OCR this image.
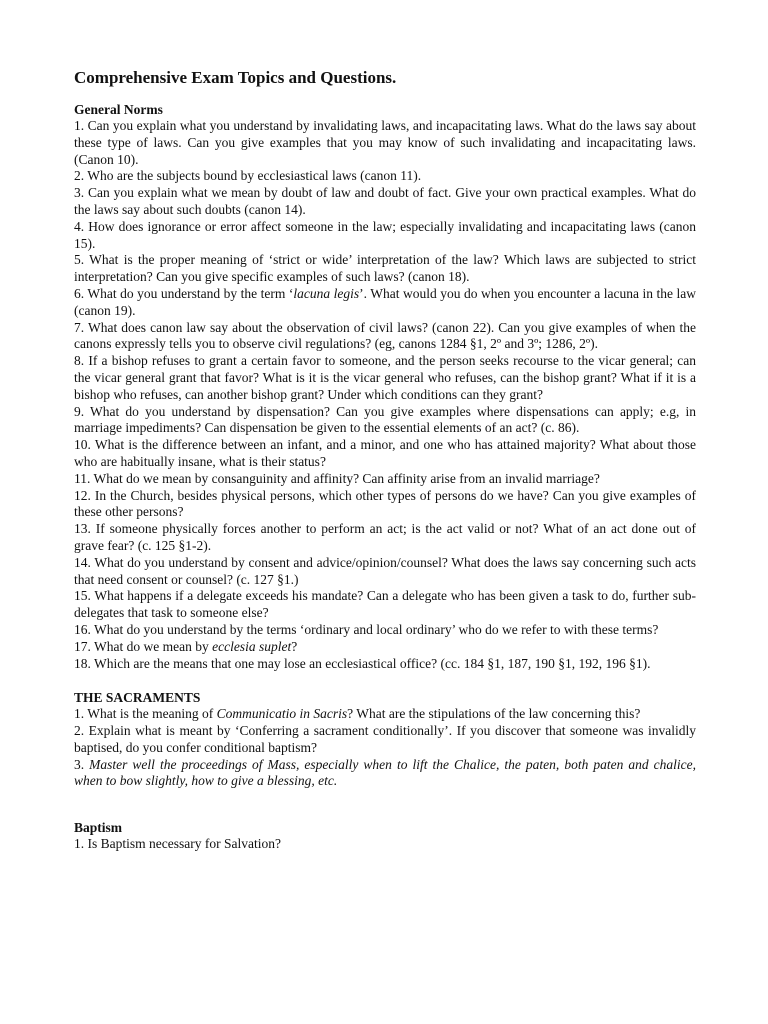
Comprehensive Exam Topics and Questions.
General Norms

1. Can you explain what you understand by invalidating laws, and incapacitating laws. What do the laws say about these type of laws. Can you give examples that you may know of such invalidating and incapacitating laws. (Canon 10).

2. Who are the subjects bound by ecclesiastical laws (canon 11).

3. Can you explain what we mean by doubt of law and doubt of fact. Give your own practical examples. What do the laws say about such doubts (canon 14).

4. How does ignorance or error affect someone in the law; especially invalidating and incapacitating laws (canon 15).

5. What is the proper meaning of ‘strict or wide’ interpretation of the law? Which laws are subjected to strict interpretation? Can you give specific examples of such laws? (canon 18).

6. What do you understand by the term ‘lacuna legis’. What would you do when you encounter a lacuna in the law (canon 19).

7. What does canon law say about the observation of civil laws? (canon 22). Can you give examples of when the canons expressly tells you to observe civil regulations? (eg, canons 1284 §1, 2º and 3º; 1286, 2º).

8. If a bishop refuses to grant a certain favor to someone, and the person seeks recourse to the vicar general; can the vicar general grant that favor? What is it is the vicar general who refuses, can the bishop grant? What if it is a bishop who refuses, can another bishop grant? Under which conditions can they grant?

9. What do you understand by dispensation? Can you give examples where dispensations can apply; e.g, in marriage impediments? Can dispensation be given to the essential elements of an act? (c. 86).

10. What is the difference between an infant, and a minor, and one who has attained majority? What about those who are habitually insane, what is their status?

11. What do we mean by consanguinity and affinity? Can affinity arise from an invalid marriage?

12. In the Church, besides physical persons, which other types of persons do we have? Can you give examples of these other persons?

13. If someone physically forces another to perform an act; is the act valid or not? What of an act done out of grave fear? (c. 125 §1-2).

14. What do you understand by consent and advice/opinion/counsel? What does the laws say concerning such acts that need consent or counsel? (c. 127 §1.)

15. What happens if a delegate exceeds his mandate? Can a delegate who has been given a task to do, further sub-delegates that task to someone else?

16. What do you understand by the terms ‘ordinary and local ordinary’ who do we refer to with these terms?

17. What do we mean by ecclesia suplet?

18. Which are the means that one may lose an ecclesiastical office? (cc. 184 §1, 187, 190 §1, 192, 196 §1).

THE SACRAMENTS

1. What is the meaning of Communicatio in Sacris? What are the stipulations of the law concerning this?

2. Explain what is meant by ‘Conferring a sacrament conditionally’. If you discover that someone was invalidly baptised, do you confer conditional baptism?

3. Master well the proceedings of Mass, especially when to lift the Chalice, the paten, both paten and chalice, when to bow slightly, how to give a blessing, etc.

Baptism

1. Is Baptism necessary for Salvation?
